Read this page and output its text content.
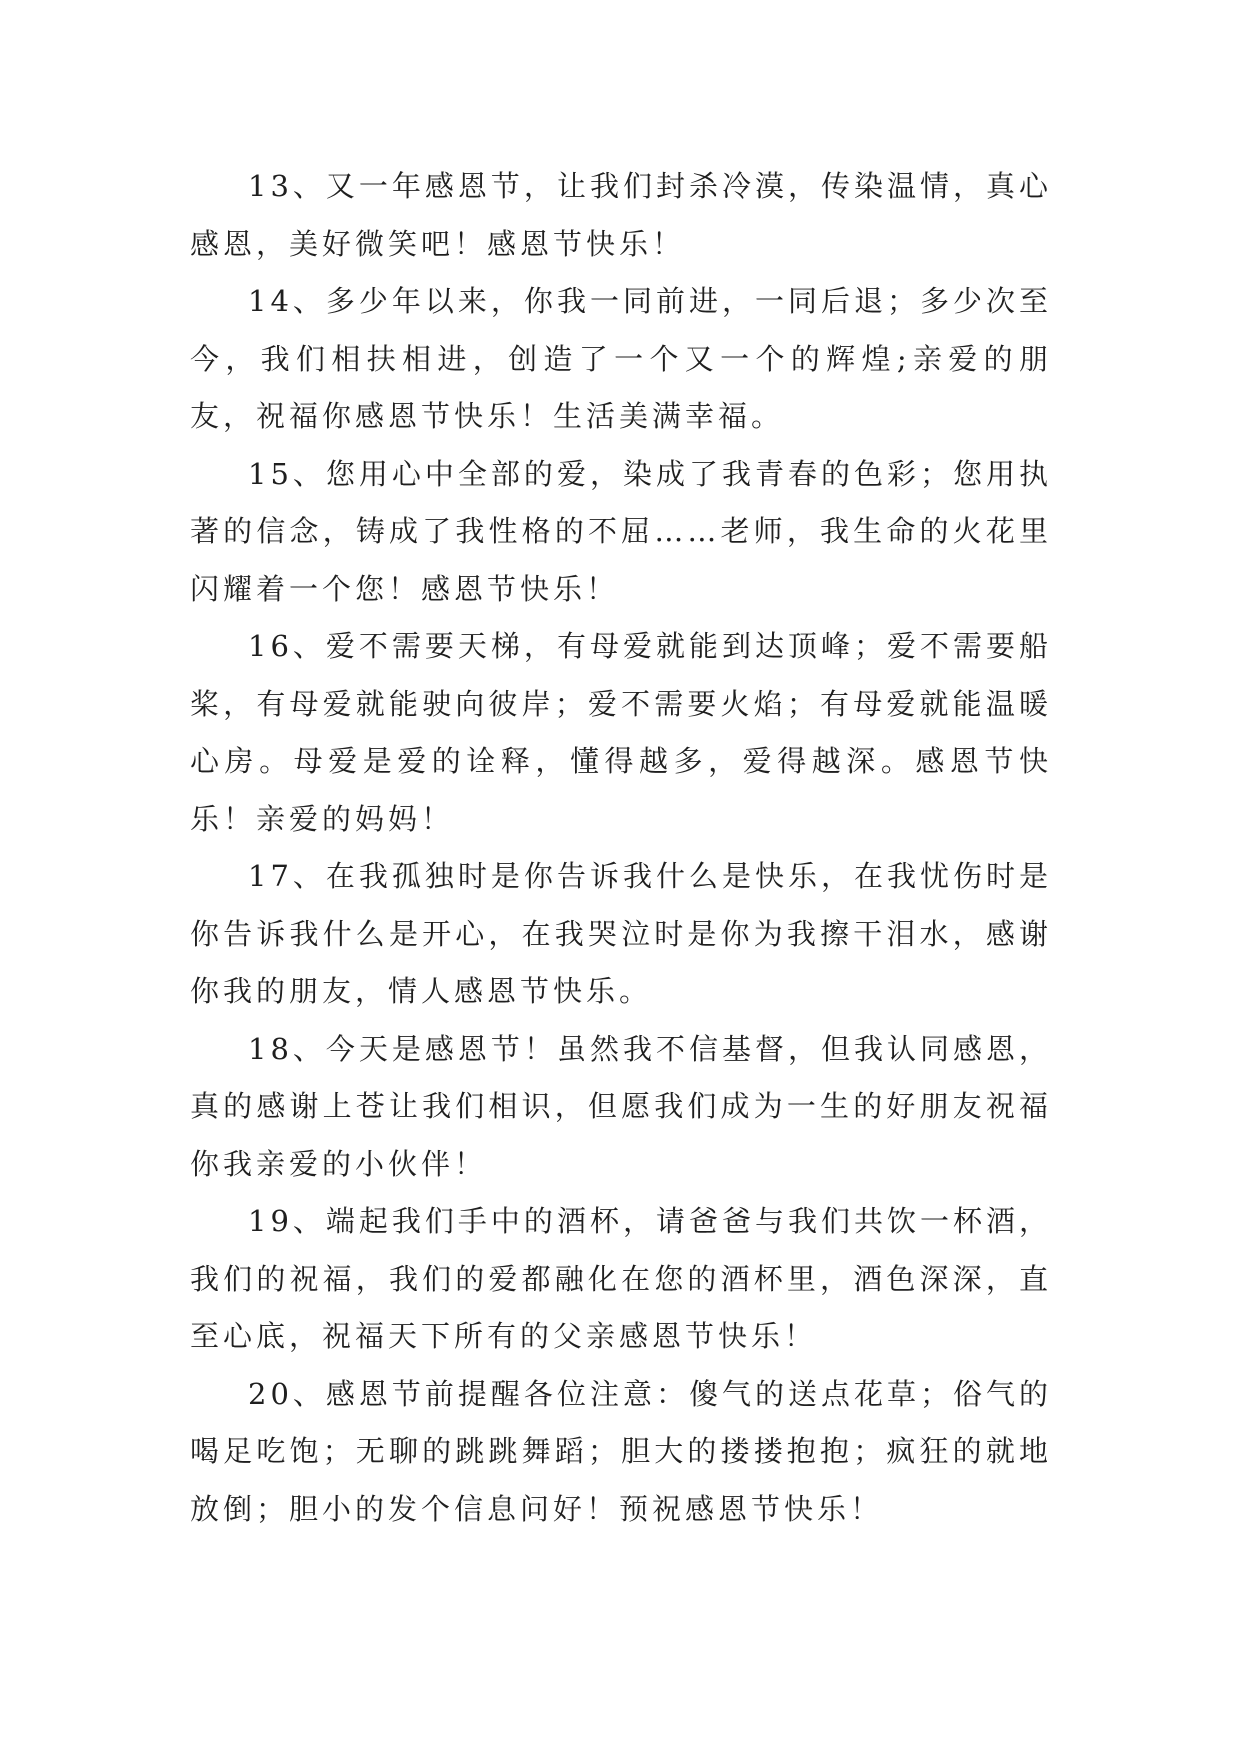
13、又一年感恩节，让我们封杀冷漠，传染温情，真心感恩，美好微笑吧！感恩节快乐！

14、多少年以来，你我一同前进，一同后退；多少次至今，我们相扶相进，创造了一个又一个的辉煌;亲爱的朋友，祝福你感恩节快乐！生活美满幸福。

15、您用心中全部的爱，染成了我青春的色彩；您用执著的信念，铸成了我性格的不屈……老师，我生命的火花里闪耀着一个您！感恩节快乐！

16、爱不需要天梯，有母爱就能到达顶峰；爱不需要船桨，有母爱就能驶向彼岸；爱不需要火焰；有母爱就能温暖心房。母爱是爱的诠释，懂得越多，爱得越深。感恩节快乐！亲爱的妈妈！

17、在我孤独时是你告诉我什么是快乐，在我忧伤时是你告诉我什么是开心，在我哭泣时是你为我擦干泪水，感谢你我的朋友，情人感恩节快乐。

18、今天是感恩节！虽然我不信基督，但我认同感恩，真的感谢上苍让我们相识，但愿我们成为一生的好朋友祝福你我亲爱的小伙伴！

19、端起我们手中的酒杯，请爸爸与我们共饮一杯酒，我们的祝福，我们的爱都融化在您的酒杯里，酒色深深，直至心底，祝福天下所有的父亲感恩节快乐！

20、感恩节前提醒各位注意：傻气的送点花草；俗气的喝足吃饱；无聊的跳跳舞蹈；胆大的搂搂抱抱；疯狂的就地放倒；胆小的发个信息问好！预祝感恩节快乐！
